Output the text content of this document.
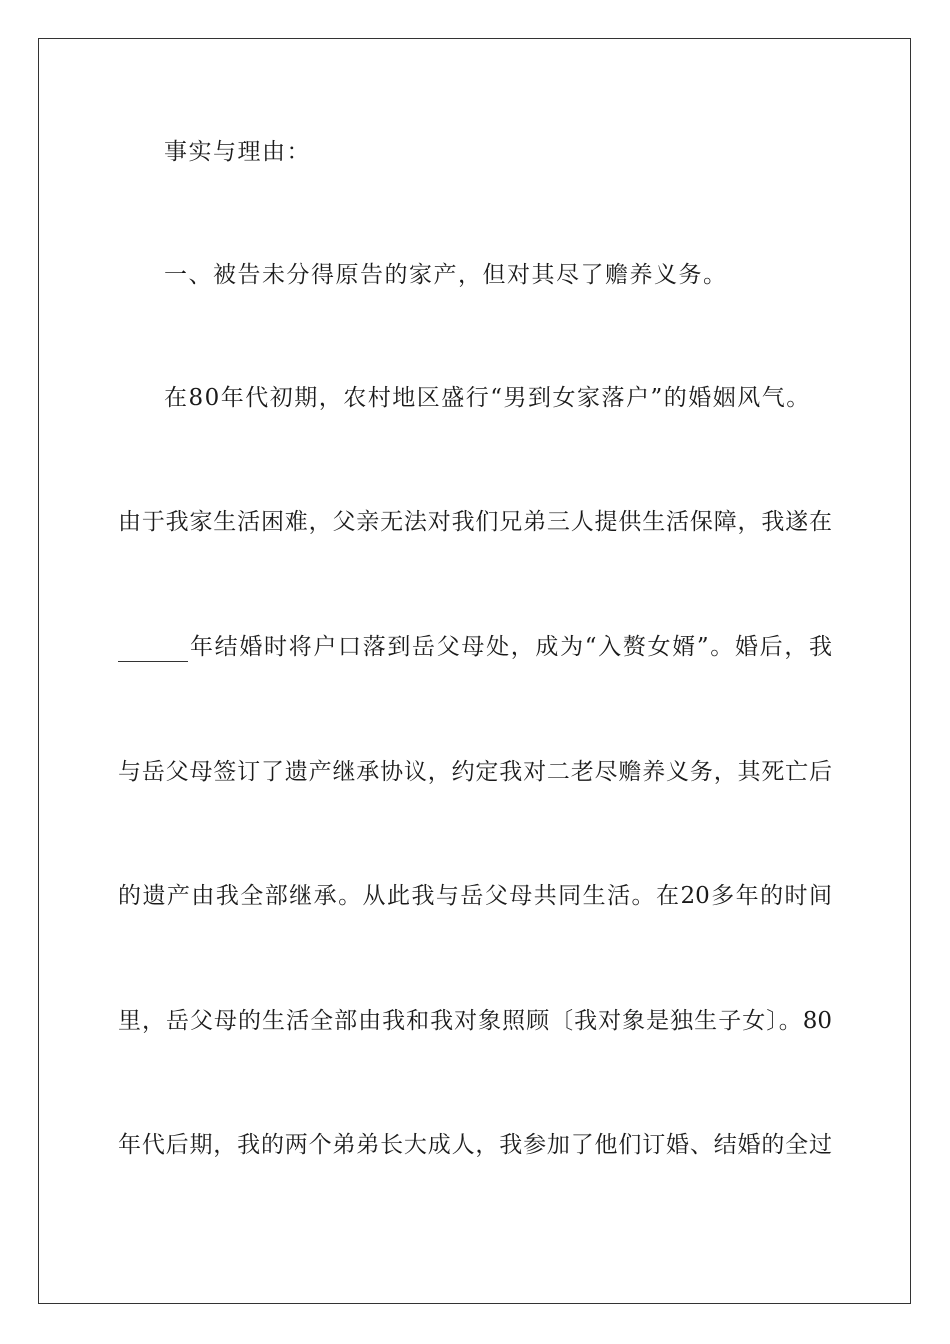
事实与理由：
一、被告未分得原告的家产，但对其尽了赡养义务。
在80年代初期，农村地区盛行“男到女家落户”的婚姻风气。
由于我家生活困难，父亲无法对我们兄弟三人提供生活保障，我遂在
年结婚时将户口落到岳父母处，成为“入赘女婿”。婚后，我
与岳父母签订了遗产继承协议，约定我对二老尽赡养义务，其死亡后
的遗产由我全部继承。从此我与岳父母共同生活。在20多年的时间
里，岳父母的生活全部由我和我对象照顾〔我对象是独生子女〕。80
年代后期，我的两个弟弟长大成人，我参加了他们订婚、结婚的全过
